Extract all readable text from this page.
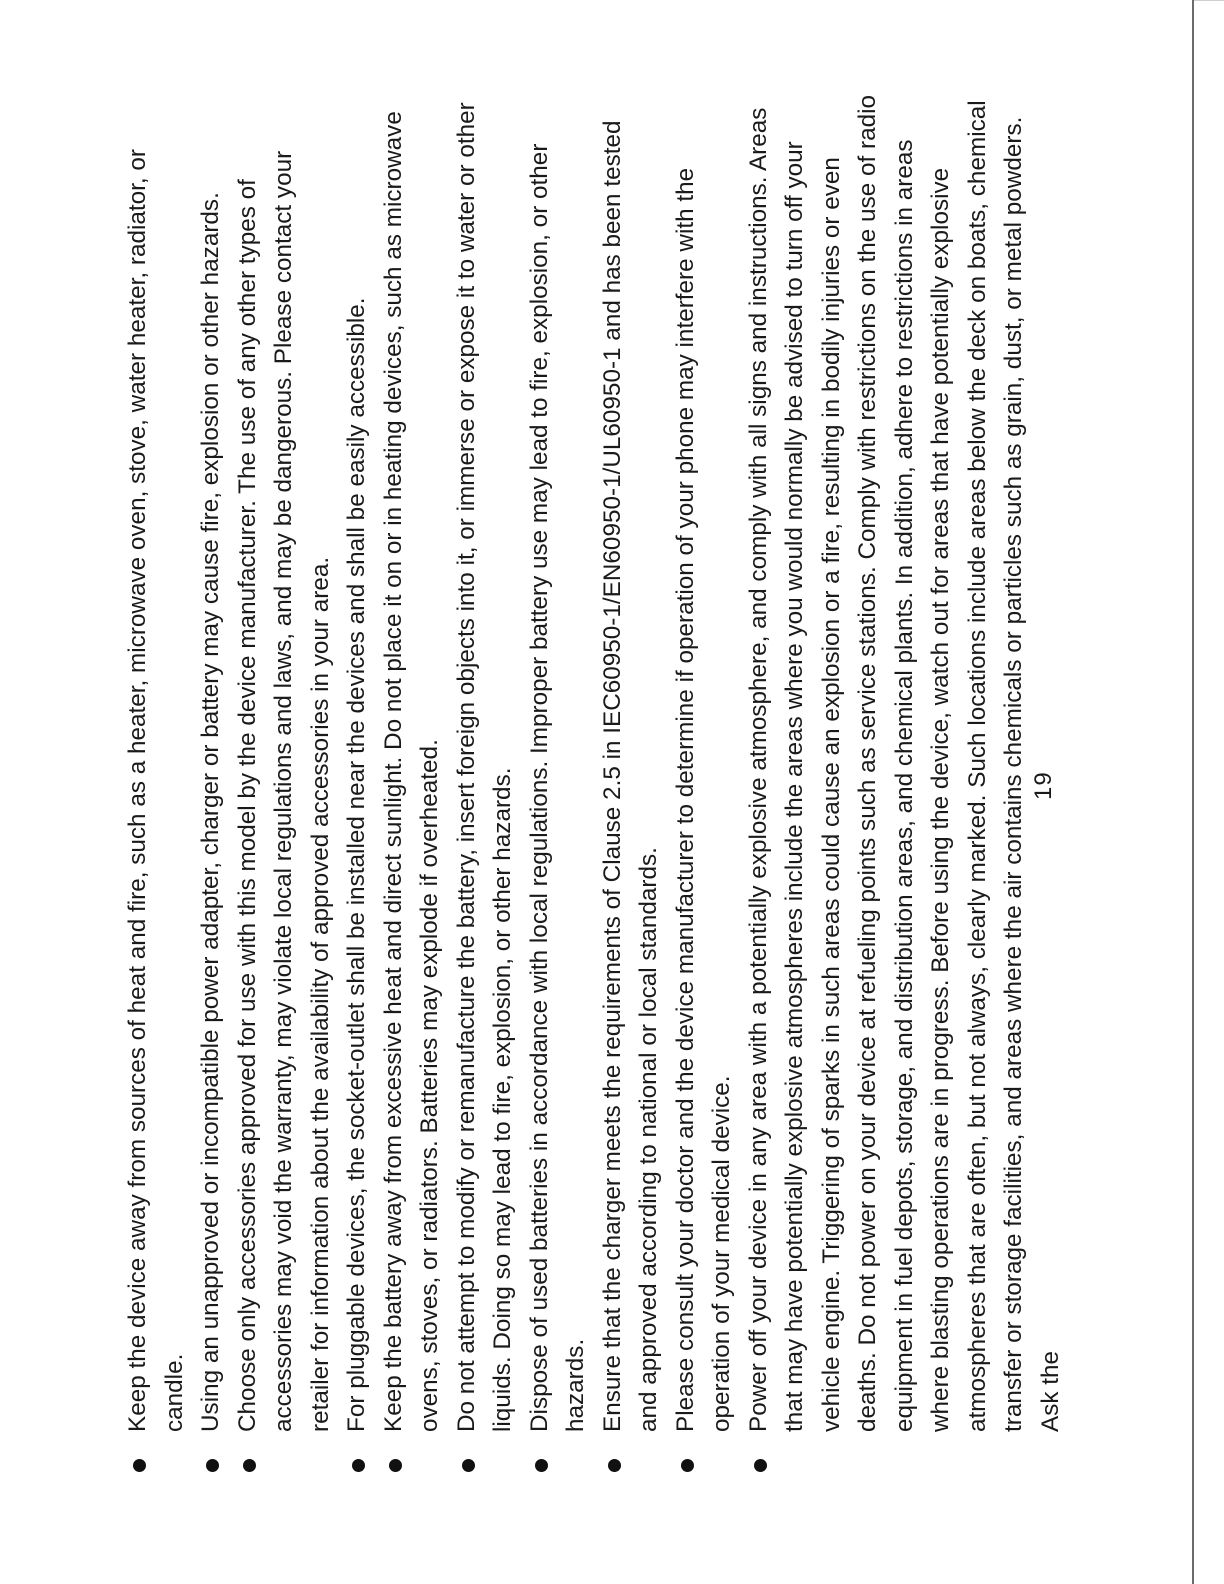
Keep the device away from sources of heat and fire, such as a heater, microwave oven, stove, water heater, radiator, or candle. Using an unapproved or incompatible power adapter, charger or battery may cause fire, explosion or other hazards. Choose only accessories approved for use with this model by the device manufacturer. The use of any other types of accessories may void the warranty, may violate local regulations and laws, and may be dangerous. Please contact your retailer for information about the availability of approved accessories in your area. For pluggable devices, the socket-outlet shall be installed near the devices and shall be easily accessible. Keep the battery away from excessive heat and direct sunlight. Do not place it on or in heating devices, such as microwave ovens, stoves, or radiators. Batteries may explode if overheated. Do not attempt to modify or remanufacture the battery, insert foreign objects into it, or immerse or expose it to water or other liquids. Doing so may lead to fire, explosion, or other hazards. Dispose of used batteries in accordance with local regulations. Improper battery use may lead to fire, explosion, or other hazards. Ensure that the charger meets the requirements of Clause 2.5 in IEC60950-1/EN60950-1/UL60950-1 and has been tested and approved according to national or local standards. Please consult your doctor and the device manufacturer to determine if operation of your phone may interfere with the operation of your medical device. Power off your device in any area with a potentially explosive atmosphere, and comply with all signs and instructions. Areas that may have potentially explosive atmospheres include the areas where you would normally be advised to turn off your vehicle engine. Triggering of sparks in such areas could cause an explosion or a fire, resulting in bodily injuries or even deaths. Do not power on your device at refueling points such as service stations. Comply with restrictions on the use of radio equipment in fuel depots, storage, and distribution areas, and chemical plants. In addition, adhere to restrictions in areas where blasting operations are in progress. Before using the device, watch out for areas that have potentially explosive atmospheres that are often, but not always, clearly marked. Such locations include areas below the deck on boats, chemical transfer or storage facilities, and areas where the air contains chemicals or particles such as grain, dust, or metal powders. Ask the
19
